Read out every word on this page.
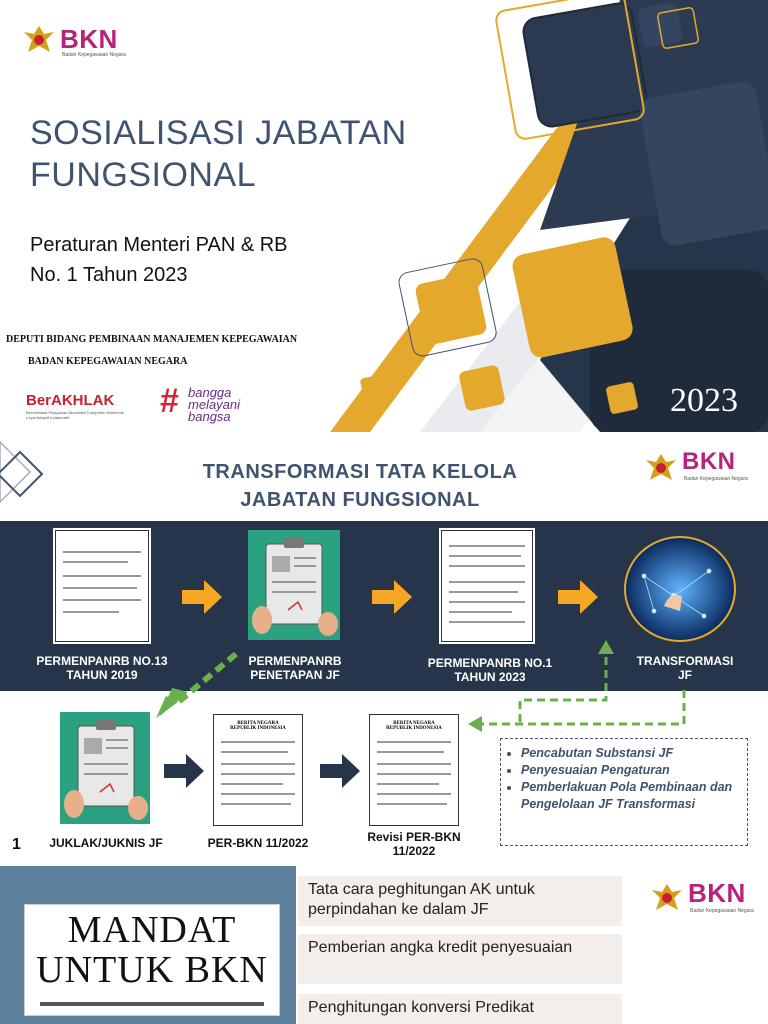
BKN
Badan Kepegawaian Negara
SOSIALISASI JABATAN FUNGSIONAL
Peraturan Menteri PAN & RB
No. 1 Tahun 2023
DEPUTI BIDANG PEMBINAAN MANAJEMEN KEPEGAWAIAN
BADAN KEPEGAWAIAN NEGARA
BerAKHLAK
Berorientasi Pelayanan Akuntabel Kompeten Harmonis Loyal Adaptif Kolaboratif	# bangga
melayani
bangsa	2023
TRANSFORMASI TATA KELOLA
JABATAN FUNGSIONAL
BKN
Badan Kepegawaian Negara
PERMENPANRB NO.13
TAHUN 2019
PERMENPANRB
PENETAPAN JF
PERMENPANRB NO.1
TAHUN 2023
TRANSFORMASI
JF
BERITA NEGARA
REPUBLIK INDONESIA
BERITA NEGARA
REPUBLIK INDONESIA
JUKLAK/JUKNIS JF	PER-BKN 11/2022	Revisi PER-BKN
11/2022
• Pencabutan Substansi JF
• Penyesuaian Pengaturan
• Pemberlakuan Pola Pembinaan dan Pengelolaan JF Transformasi
1
MANDAT
UNTUK BKN
Tata cara peghitungan AK untuk perpindahan ke dalam JF
Pemberian angka kredit penyesuaian
Penghitungan konversi Predikat
BKN
Badan Kepegawaian Negara
